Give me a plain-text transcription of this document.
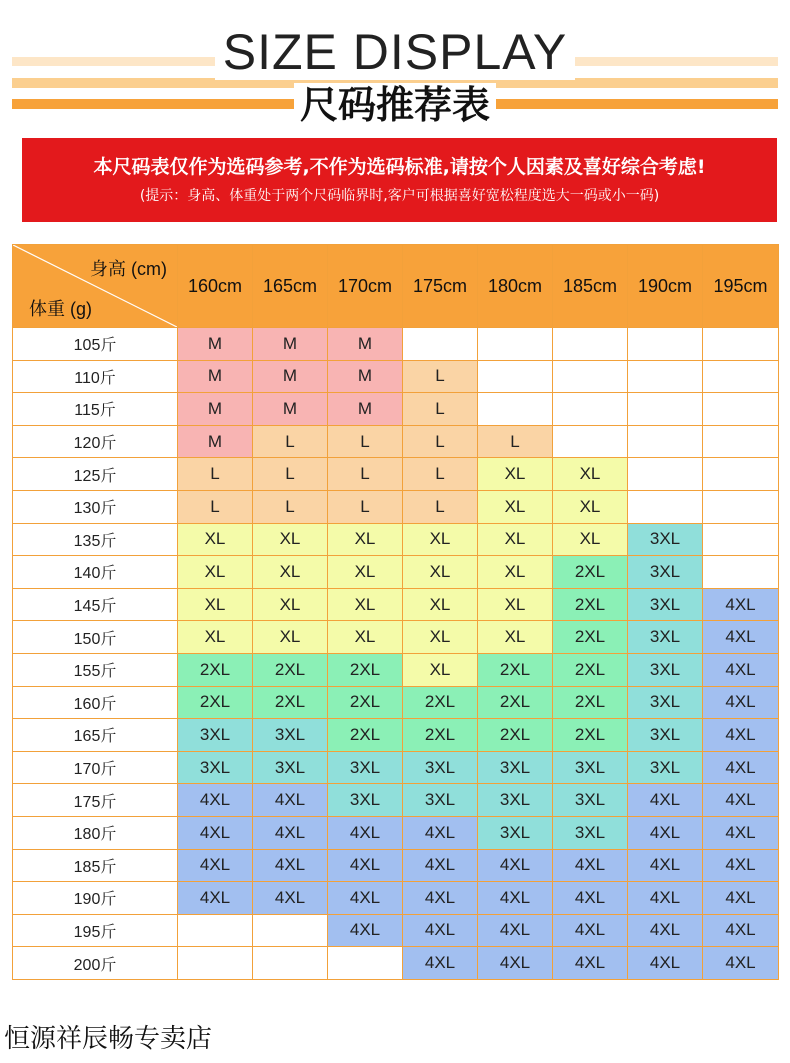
SIZE DISPLAY
尺码推荐表
本尺码表仅作为选码参考,不作为选码标准,请按个人因素及喜好综合考虑!
(提示：身高、体重处于两个尺码临界时,客户可根据喜好宽松程度选大一码或小一码)
身高 (cm)
体重 (g)	160cm	165cm	170cm	175cm	180cm	185cm	190cm	195cm
105斤	M	M	M					
110斤	M	M	M	L				
115斤	M	M	M	L				
120斤	M	L	L	L	L			
125斤	L	L	L	L	XL	XL		
130斤	L	L	L	L	XL	XL		
135斤	XL	XL	XL	XL	XL	XL	3XL	
140斤	XL	XL	XL	XL	XL	2XL	3XL	
145斤	XL	XL	XL	XL	XL	2XL	3XL	4XL
150斤	XL	XL	XL	XL	XL	2XL	3XL	4XL
155斤	2XL	2XL	2XL	XL	2XL	2XL	3XL	4XL
160斤	2XL	2XL	2XL	2XL	2XL	2XL	3XL	4XL
165斤	3XL	3XL	2XL	2XL	2XL	2XL	3XL	4XL
170斤	3XL	3XL	3XL	3XL	3XL	3XL	3XL	4XL
175斤	4XL	4XL	3XL	3XL	3XL	3XL	4XL	4XL
180斤	4XL	4XL	4XL	4XL	3XL	3XL	4XL	4XL
185斤	4XL	4XL	4XL	4XL	4XL	4XL	4XL	4XL
190斤	4XL	4XL	4XL	4XL	4XL	4XL	4XL	4XL
195斤			4XL	4XL	4XL	4XL	4XL	4XL
200斤				4XL	4XL	4XL	4XL	4XL
恒源祥辰畅专卖店
